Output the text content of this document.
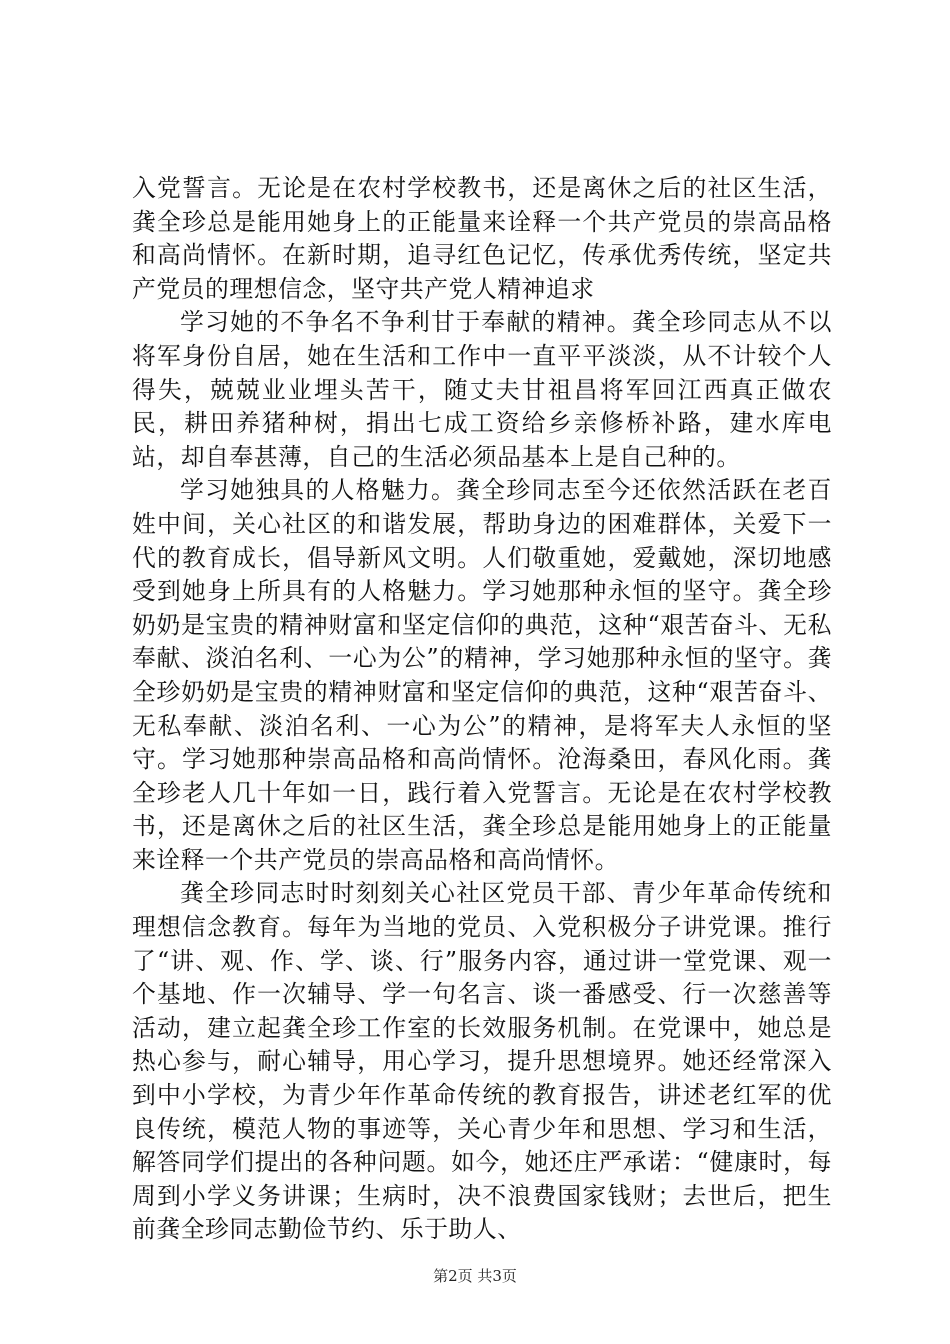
入党誓言。无论是在农村学校教书，还是离休之后的社区生活，龚全珍总是能用她身上的正能量来诠释一个共产党员的崇高品格和高尚情怀。在新时期，追寻红色记忆，传承优秀传统，坚定共产党员的理想信念，坚守共产党人精神追求

学习她的不争名不争利甘于奉献的精神。龚全珍同志从不以将军身份自居，她在生活和工作中一直平平淡淡，从不计较个人得失，兢兢业业埋头苦干，随丈夫甘祖昌将军回江西真正做农民，耕田养猪种树，捐出七成工资给乡亲修桥补路，建水库电站，却自奉甚薄，自己的生活必须品基本上是自己种的。

学习她独具的人格魅力。龚全珍同志至今还依然活跃在老百姓中间，关心社区的和谐发展，帮助身边的困难群体，关爱下一代的教育成长，倡导新风文明。人们敬重她，爱戴她，深切地感受到她身上所具有的人格魅力。学习她那种永恒的坚守。龚全珍奶奶是宝贵的精神财富和坚定信仰的典范，这种“艰苦奋斗、无私奉献、淡泊名利、一心为公”的精神，学习她那种永恒的坚守。龚全珍奶奶是宝贵的精神财富和坚定信仰的典范，这种“艰苦奋斗、无私奉献、淡泊名利、一心为公”的精神，是将军夫人永恒的坚守。学习她那种崇高品格和高尚情怀。沧海桑田，春风化雨。龚全珍老人几十年如一日，践行着入党誓言。无论是在农村学校教书，还是离休之后的社区生活，龚全珍总是能用她身上的正能量来诠释一个共产党员的崇高品格和高尚情怀。

龚全珍同志时时刻刻关心社区党员干部、青少年革命传统和理想信念教育。每年为当地的党员、入党积极分子讲党课。推行了“讲、观、作、学、谈、行”服务内容，通过讲一堂党课、观一个基地、作一次辅导、学一句名言、谈一番感受、行一次慈善等活动，建立起龚全珍工作室的长效服务机制。在党课中，她总是热心参与，耐心辅导，用心学习，提升思想境界。她还经常深入到中小学校，为青少年作革命传统的教育报告，讲述老红军的优良传统，模范人物的事迹等，关心青少年和思想、学习和生活，解答同学们提出的各种问题。如今，她还庄严承诺：“健康时，每周到小学义务讲课；生病时，决不浪费国家钱财；去世后，把生前龚全珍同志勤俭节约、乐于助人、

第2页 共3页
